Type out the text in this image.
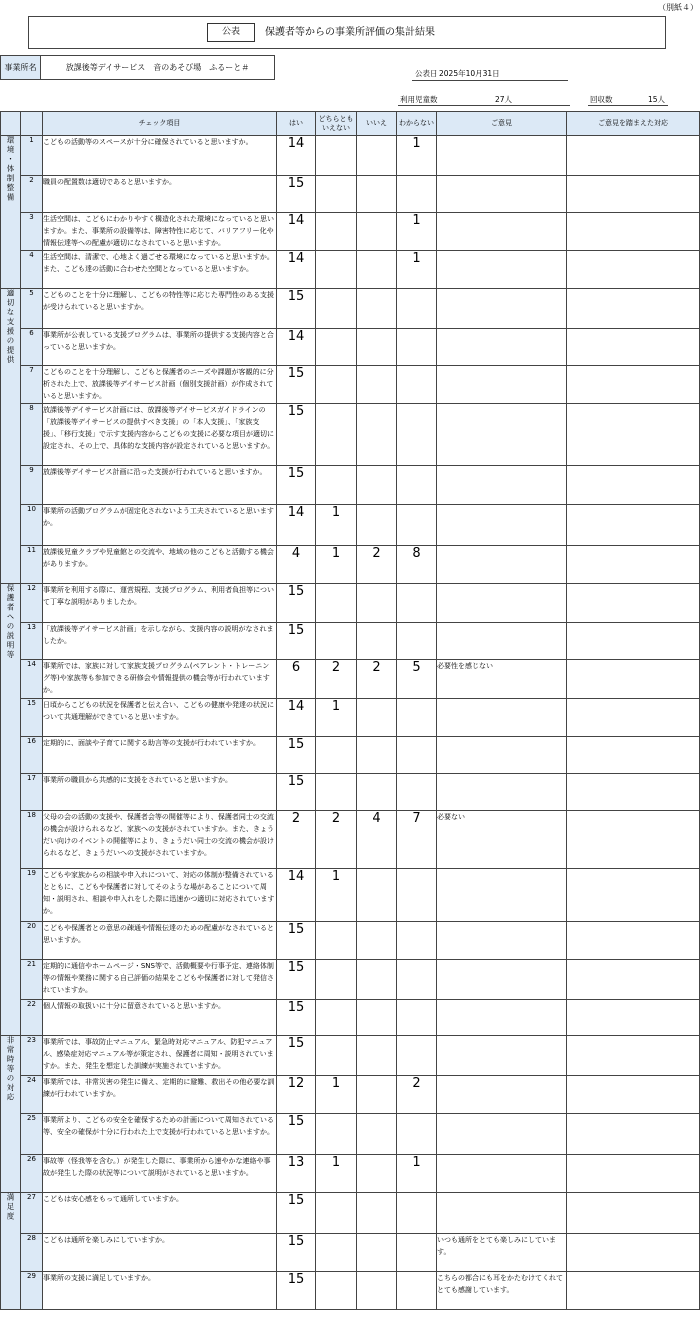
（別紙４）
公表	保護者等からの事業所評価の集計結果
事業所名	放課後等デイサービス　音のあそび場　ふるーと＃
公表日 2025年10月31日
利用児童数	27人	回収数	15人
		チェック項目	はい	どちらとも
いえない	いいえ	わからない	ご意見	ご意見を踏まえた対応
環境・体制整備	1	こどもの活動等のスペースが十分に確保されていると思いますか。	14			1		
	2	職員の配置数は適切であると思いますか。	15					
	3	生活空間は、こどもにわかりやすく構造化された環境になっていると思いますか。また、事業所の設備等は、障害特性に応じて、バリアフリー化や情報伝達等への配慮が適切になされていると思いますか。	14			1		
	4	生活空間は、清潔で、心地よく過ごせる環境になっていると思いますか。また、こども達の活動に合わせた空間となっていると思いますか。	14			1		
適切な支援の提供	5	こどものことを十分に理解し、こどもの特性等に応じた専門性のある支援が受けられていると思いますか。	15					
	6	事業所が公表している支援プログラムは、事業所の提供する支援内容と合っていると思いますか。	14					
	7	こどものことを十分理解し、こどもと保護者のニーズや課題が客観的に分析された上で、放課後等デイサービス計画（個別支援計画）が作成されていると思いますか。	15					
	8	放課後等デイサービス計画には、放課後等デイサービスガイドラインの「放課後等デイサービスの提供すべき支援」の「本人支援」、「家族支援」、「移行支援」で示す支援内容からこどもの支援に必要な項目が適切に設定され、その上で、具体的な支援内容が設定されていると思いますか。	15					
	9	放課後等デイサービス計画に沿った支援が行われていると思いますか。	15					
	10	事業所の活動プログラムが固定化されないよう工夫されていると思いますか。	14	1				
	11	放課後児童クラブや児童館との交流や、地域の他のこどもと活動する機会がありますか。	4	1	2	8		
保護者への説明等	12	事業所を利用する際に、運営規程、支援プログラム、利用者負担等について丁寧な説明がありましたか。	15					
	13	「放課後等デイサービス計画」を示しながら、支援内容の説明がなされましたか。	15					
	14	事業所では、家族に対して家族支援プログラム(ペアレント・トレーニング等)や家族等も参加できる研修会や情報提供の機会等が行われていますか。	6	2	2	5	必要性を感じない	
	15	日頃からこどもの状況を保護者と伝え合い、こどもの健康や発達の状況について共通理解ができていると思いますか。	14	1				
	16	定期的に、面談や子育てに関する助言等の支援が行われていますか。	15					
	17	事業所の職員から共感的に支援をされていると思いますか。	15					
	18	父母の会の活動の支援や、保護者会等の開催等により、保護者同士の交流の機会が設けられるなど、家族への支援がされていますか。また、きょうだい向けのイベントの開催等により、きょうだい同士の交流の機会が設けられるなど、きょうだいへの支援がされていますか。	2	2	4	7	必要ない	
	19	こどもや家族からの相談や申入れについて、対応の体制が整備されているとともに、こどもや保護者に対してそのような場があることについて周知・説明され、相談や申入れをした際に迅速かつ適切に対応されていますか。	14	1				
	20	こどもや保護者との意思の疎通や情報伝達のための配慮がなされていると思いますか。	15					
	21	定期的に通信やホームページ・SNS等で、活動概要や行事予定、連絡体制等の情報や業務に関する自己評価の結果をこどもや保護者に対して発信されていますか。	15					
	22	個人情報の取扱いに十分に留意されていると思いますか。	15					
非常時等の対応	23	事業所では、事故防止マニュアル、緊急時対応マニュアル、防犯マニュアル、感染症対応マニュアル等が策定され、保護者に周知・説明されていますか。また、発生を想定した訓練が実施されていますか。	15					
	24	事業所では、非常災害の発生に備え、定期的に避難、救出その他必要な訓練が行われていますか。	12	1		2		
	25	事業所より、こどもの安全を確保するための計画について周知されている等、安全の確保が十分に行われた上で支援が行われていると思いますか。	15					
	26	事故等（怪我等を含む。）が発生した際に、事業所から速やかな連絡や事故が発生した際の状況等について説明がされていると思いますか。	13	1		1		
満足度	27	こどもは安心感をもって通所していますか。	15					
	28	こどもは通所を楽しみにしていますか。	15				いつも通所をとても楽しみにしています。	
	29	事業所の支援に満足していますか。	15				こちらの都合にも耳をかたむけてくれてとても感謝しています。	
